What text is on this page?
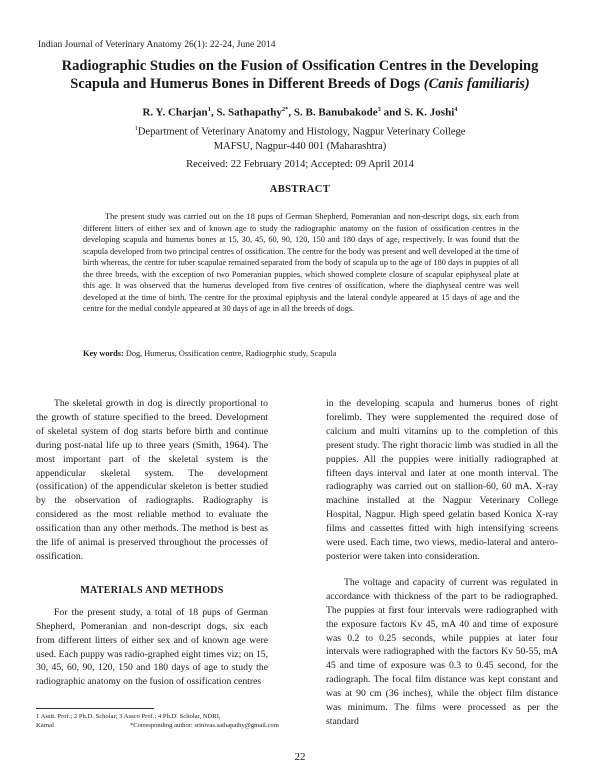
Indian Journal of Veterinary Anatomy 26(1): 22-24, June 2014
Radiographic Studies on the Fusion of Ossification Centres in the Developing
Scapula and Humerus Bones in Different Breeds of Dogs (Canis familiaris)
R. Y. Charjan$^1$, S. Sathapathy$^{2*}$, S. B. Banubakode$^3$ and S. K. Joshi$^4$
$^1$Department of Veterinary Anatomy and Histology, Nagpur Veterinary College
MAFSU, Nagpur-440 001 (Maharashtra)
Received: 22 February 2014; Accepted: 09 April 2014
ABSTRACT
The present study was carried out on the 18 pups of German Shepherd, Pomeranian and non-descript dogs, six each from different litters of either sex and of known age to study the radiographic anatomy on the fusion of ossification centres in the developing scapula and humerus bones at 15, 30, 45, 60, 90, 120, 150 and 180 days of age, respectively. It was found that the scapula developed from two principal centres of ossification. The centre for the body was present and well developed at the time of birth whereas, the centre for tuber scapulae remained separated from the body of scapula up to the age of 180 days in puppies of all the three breeds, with the exception of two Pomeranian puppies, which showed complete closure of scapular epiphyseal plate at this age. It was observed that the humerus developed from five centres of ossification, where the diaphyseal centre was well developed at the time of birth. The centre for the proximal epiphysis and the lateral condyle appeared at 15 days of age and the centre for the medial condyle appeared at 30 days of age in all the breeds of dogs.
Key words: Dog, Humerus, Ossification centre, Radiogrphic study, Scapula

The skeletal growth in dog is directly proportional to the growth of stature specified to the breed. Development of skeletal system of dog starts before birth and continue during post-natal life up to three years (Smith, 1964). The most important part of the skeletal system is the appendicular skeletal system. The development (ossification) of the appendicular skeleton is better studied by the observation of radiographs. Radiography is considered as the most reliable method to evaluate the ossification than any other methods. The method is best as the life of animal is preserved throughout the processes of ossification.

MATERIALS AND METHODS

For the present study, a total of 18 pups of German Shepherd, Pomeranian and non-descript dogs, six each from different litters of either sex and of known age were used. Each puppy was radio-graphed eight times viz; on 15, 30, 45, 60, 90, 120, 150 and 180 days of age to study the radiographic anatomy on the fusion of ossification centres

in the developing scapula and humerus bones of right forelimb. They were supplemented the required dose of calcium and multi vitamins up to the completion of this present study. The right thoracic limb was studied in all the puppies. All the puppies were initially radiographed at fifteen days interval and later at one month interval. The radiography was carried out on stallion-60, 60 mA. X-ray machine installed at the Nagpur Veterinary College Hospital, Nagpur. High speed gelatin based Konica X-ray films and cassettes fitted with high intensifying screens were used. Each time, two views, medio-lateral and antero-posterior were taken into consideration.

The voltage and capacity of current was regulated in accordance with thickness of the part to be radiographed. The puppies at first four intervals were radiographed with the exposure factors Kv 45, mA 40 and time of exposure was 0.2 to 0.25 seconds, while puppies at later four intervals were radiographed with the factors Kv 50-55, mA 45 and time of exposure was 0.3 to 0.45 second, for the radiograph. The focal film distance was kept constant and was at 90 cm (36 inches), while the object film distance was minimum. The films were processed as per the standard

1 Asstt. Prof.; 2 Ph.D. Scholar; 3 Assco Prof.; 4 Ph.D. Scholar, NDRI,
Karnal	*Corresponding author: srinivas.sathapathy@gmail.com
22
